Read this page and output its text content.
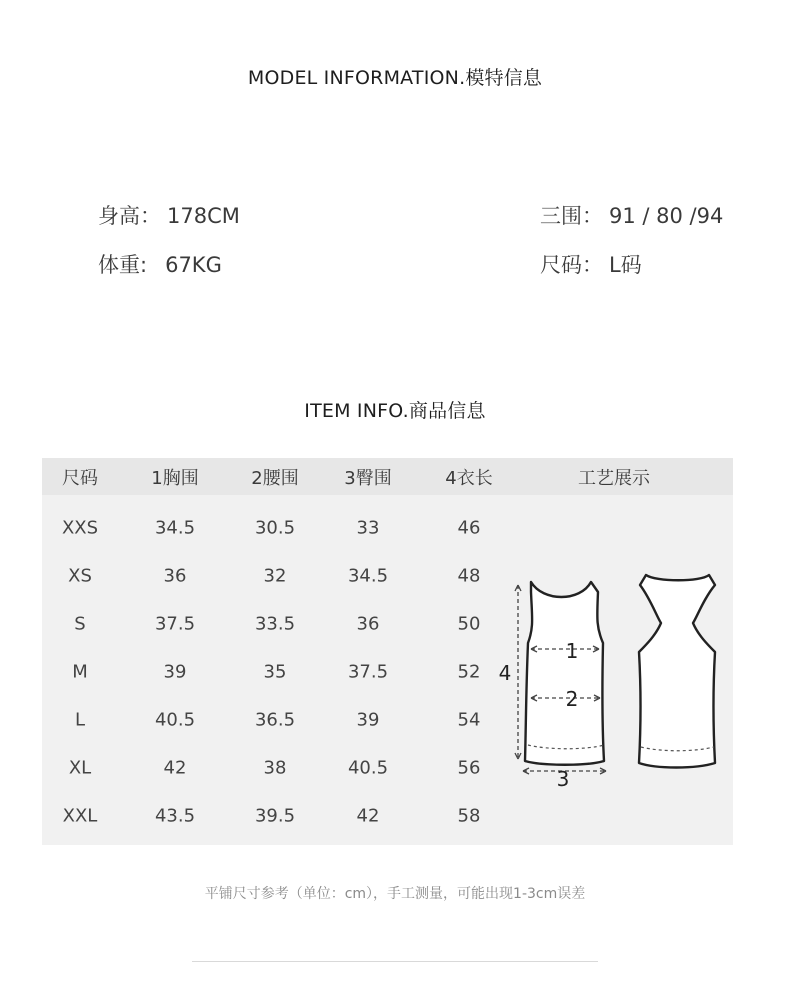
MODEL INFORMATION.模特信息
身高： 178CM
体重: 67KG
三围： 91 / 80 /94
尺码： L码
ITEM INFO.商品信息
尺码	1胸围	2腰围	3臀围	4衣长	工艺展示
XXS	34.5	30.5	33	46
XS	36	32	34.5	48
S	37.5	33.5	36	50
M	39	35	37.5	52
L	40.5	36.5	39	54
XL	42	38	40.5	56
XXL	43.5	39.5	42	58
1
2
3
4
平铺尺寸参考（单位：cm），手工测量，可能出现1-3cm误差
